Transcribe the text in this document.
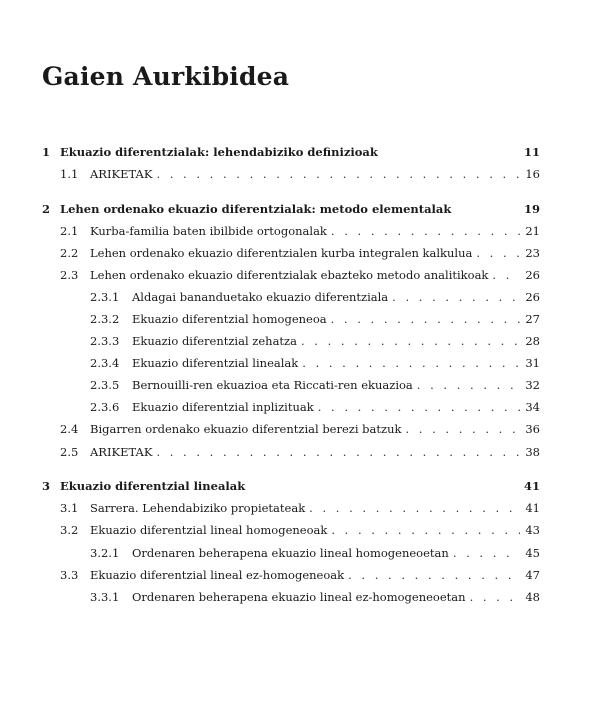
Gaien Aurkibidea
1 Ekuazio diferentzialak: lehendabiziko definizioak	11
1.1	ARIKETAK . . .	16
2 Lehen ordenako ekuazio diferentzialak: metodo elementalak	19
2.1	Kurba-familia baten ibilbide ortogonalak . . .	21
2.2	Lehen ordenako ekuazio diferentzialen kurba integralen kalkulua . . .	23
2.3	Lehen ordenako ekuazio diferentzialak ebazteko metodo analitikoak . . .	26
2.3.1	Aldagai bananduetako ekuazio diferentziala . . .	26
2.3.2	Ekuazio diferentzial homogeneoa . . .	27
2.3.3	Ekuazio diferentzial zehatza . . .	28
2.3.4	Ekuazio diferentzial linealak . . .	31
2.3.5	Bernouilli-ren ekuazioa eta Riccati-ren ekuazioa . . .	32
2.3.6	Ekuazio diferentzial inplizituak . . .	34
2.4	Bigarren ordenako ekuazio diferentzial berezi batzuk . . .	36
2.5	ARIKETAK . . .	38
3 Ekuazio diferentzial linealak	41
3.1	Sarrera. Lehendabiziko propietateak . . .	41
3.2	Ekuazio diferentzial lineal homogeneoak . . .	43
3.2.1	Ordenaren beherapena ekuazio lineal homogeneoetan . . .	45
3.3	Ekuazio diferentzial lineal ez-homogeneoak . . .	47
3.3.1	Ordenaren beherapena ekuazio lineal ez-homogeneoetan . . .	48
